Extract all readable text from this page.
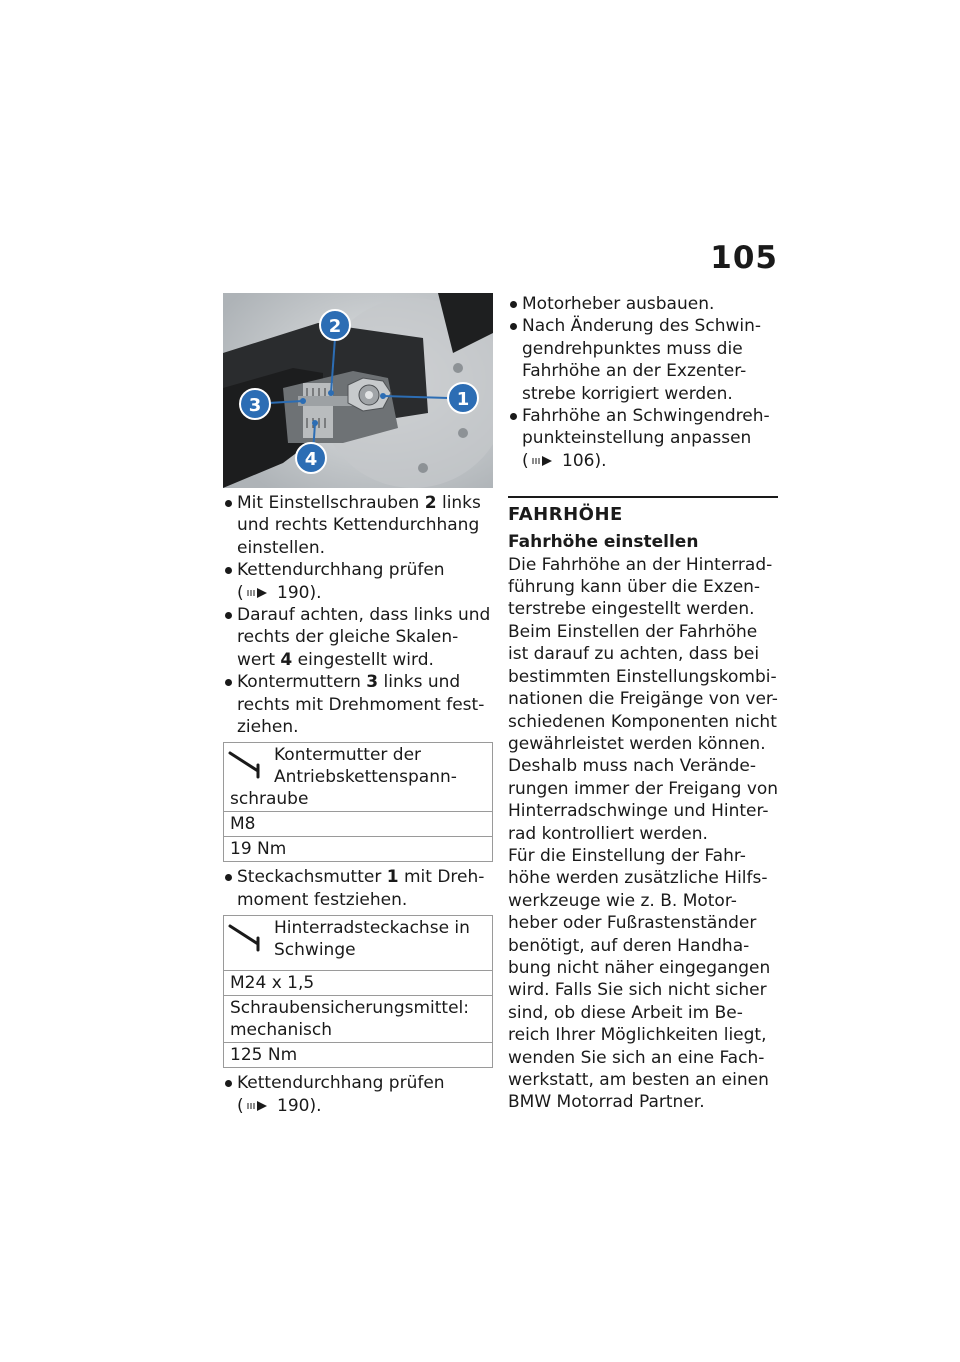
105
1
2
3
4
Mit Einstellschrauben 2 links
und rechts Kettendurchhang
einstellen.
Kettendurchhang prüfen
( 190).
Darauf achten, dass links und
rechts der gleiche Skalen-
wert 4 eingestellt wird.
Kontermuttern 3 links und
rechts mit Drehmoment fest-
ziehen.
Kontermutter der
Antriebskettenspann-
schraube

M8
19 Nm
Steckachsmutter 1 mit Dreh-
moment festziehen.
Hinterradsteckachse in
Schwinge

M24 x 1,5

Schraubensicherungsmittel:
mechanisch

125 Nm
Kettendurchhang prüfen
( 190).
Motorheber ausbauen.
Nach Änderung des Schwin-
gendrehpunktes muss die
Fahrhöhe an der Exzenter-
strebe korrigiert werden.
Fahrhöhe an Schwingendreh-
punkteinstellung anpassen
( 106).
FAHRHÖHE
Fahrhöhe einstellen
Die Fahrhöhe an der Hinterrad-
führung kann über die Exzen-
terstrebe eingestellt werden.
Beim Einstellen der Fahrhöhe
ist darauf zu achten, dass bei
bestimmten Einstellungskombi-
nationen die Freigänge von ver-
schiedenen Komponenten nicht
gewährleistet werden können.
Deshalb muss nach Verände-
rungen immer der Freigang von
Hinterradschwinge und Hinter-
rad kontrolliert werden.
Für die Einstellung der Fahr-
höhe werden zusätzliche Hilfs-
werkzeuge wie z. B. Motor-
heber oder Fußrastenständer
benötigt, auf deren Handha-
bung nicht näher eingegangen
wird. Falls Sie sich nicht sicher
sind, ob diese Arbeit im Be-
reich Ihrer Möglichkeiten liegt,
wenden Sie sich an eine Fach-
werkstatt, am besten an einen
BMW Motorrad Partner.
